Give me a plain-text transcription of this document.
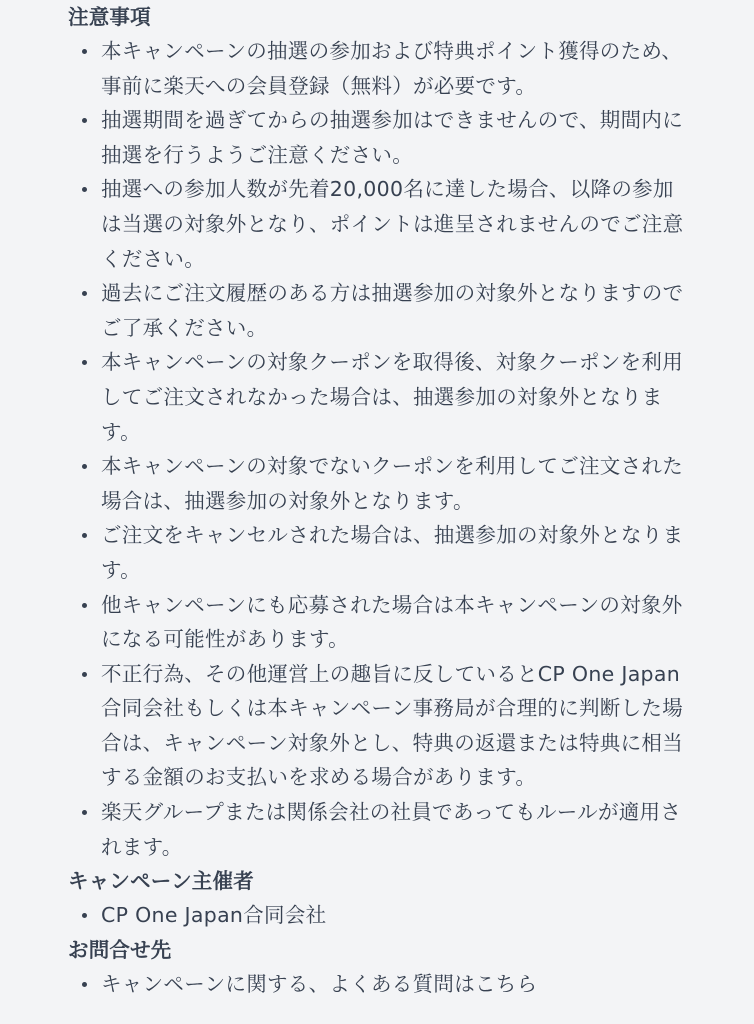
注意事項
本キャンペーンの抽選の参加および特典ポイント獲得のため、事前に楽天への会員登録（無料）が必要です。
抽選期間を過ぎてからの抽選参加はできませんので、期間内に抽選を行うようご注意ください。
抽選への参加人数が先着20,000名に達した場合、以降の参加は当選の対象外となり、ポイントは進呈されませんのでご注意ください。
過去にご注文履歴のある方は抽選参加の対象外となりますのでご了承ください。
本キャンペーンの対象クーポンを取得後、対象クーポンを利用してご注文されなかった場合は、抽選参加の対象外となります。
本キャンペーンの対象でないクーポンを利用してご注文された場合は、抽選参加の対象外となります。
ご注文をキャンセルされた場合は、抽選参加の対象外となります。
他キャンペーンにも応募された場合は本キャンペーンの対象外になる可能性があります。
不正行為、その他運営上の趣旨に反しているとCP One Japan合同会社もしくは本キャンペーン事務局が合理的に判断した場合は、キャンペーン対象外とし、特典の返還または特典に相当する金額のお支払いを求める場合があります。
楽天グループまたは関係会社の社員であってもルールが適用されます。
キャンペーン主催者
CP One Japan合同会社
お問合せ先
キャンペーンに関する、よくある質問はこちら
